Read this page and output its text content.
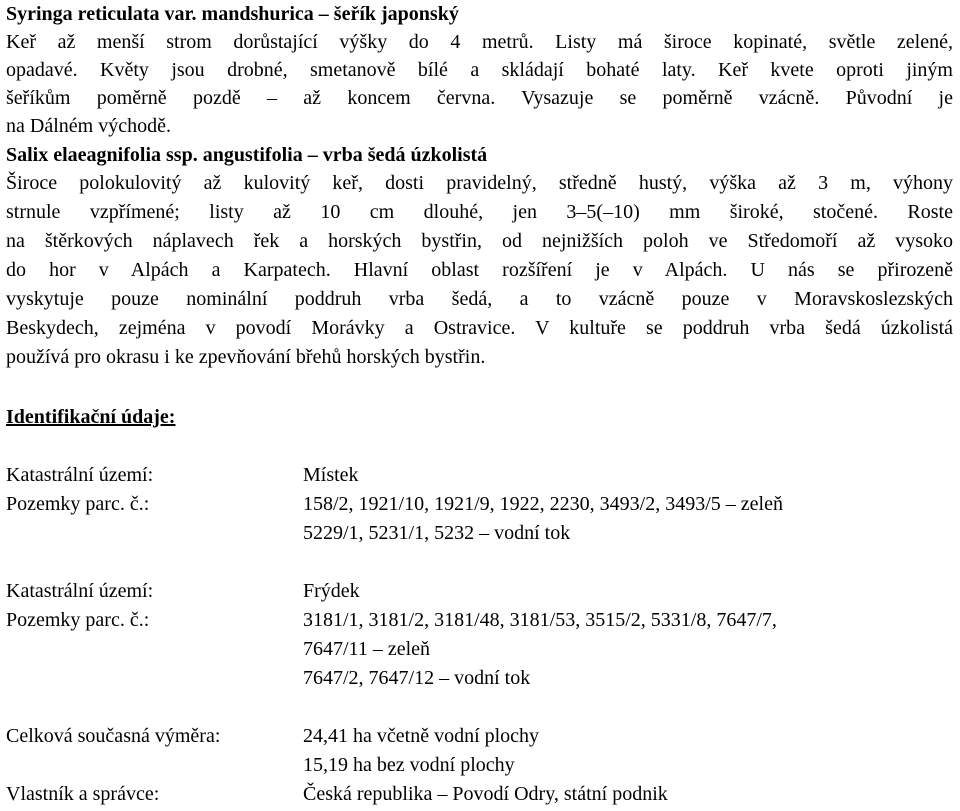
Syringa reticulata var. mandshurica – šeřík japonský
Keř až menší strom dorůstající výšky do 4 metrů. Listy má široce kopinaté, světle zelené,
opadavé. Květy jsou drobné, smetanově bílé a skládají bohaté laty. Keř kvete oproti jiným
šeříkům poměrně pozdě – až koncem června. Vysazuje se poměrně vzácně. Původní je
na Dálném východě.
Salix elaeagnifolia ssp. angustifolia – vrba šedá úzkolistá
Široce polokulovitý až kulovitý keř, dosti pravidelný, středně hustý, výška až 3 m, výhony
strnule vzpřímené; listy až 10 cm dlouhé, jen 3–5(–10) mm široké, stočené. Roste
na štěrkových náplavech řek a horských bystřin, od nejnižších poloh ve Středomoří až vysoko
do hor v Alpách a Karpatech. Hlavní oblast rozšíření je v Alpách. U nás se přirozeně
vyskytuje pouze nominální poddruh vrba šedá, a to vzácně pouze v Moravskoslezských
Beskydech, zejména v povodí Morávky a Ostravice. V kultuře se poddruh vrba šedá úzkolistá
používá pro okrasu i ke zpevňování břehů horských bystřin.
Identifikační údaje:
Katastrální území:	Místek
Pozemky parc. č.:	158/2, 1921/10, 1921/9, 1922, 2230, 3493/2, 3493/5 – zeleň
5229/1, 5231/1, 5232 – vodní tok
Katastrální území:	Frýdek
Pozemky parc. č.:	3181/1, 3181/2, 3181/48, 3181/53, 3515/2, 5331/8, 7647/7,
7647/11 – zeleň
7647/2, 7647/12 – vodní tok
Celková současná výměra:	24,41 ha včetně vodní plochy
15,19 ha bez vodní plochy
Vlastník a správce:	Česká republika – Povodí Odry, státní podnik
